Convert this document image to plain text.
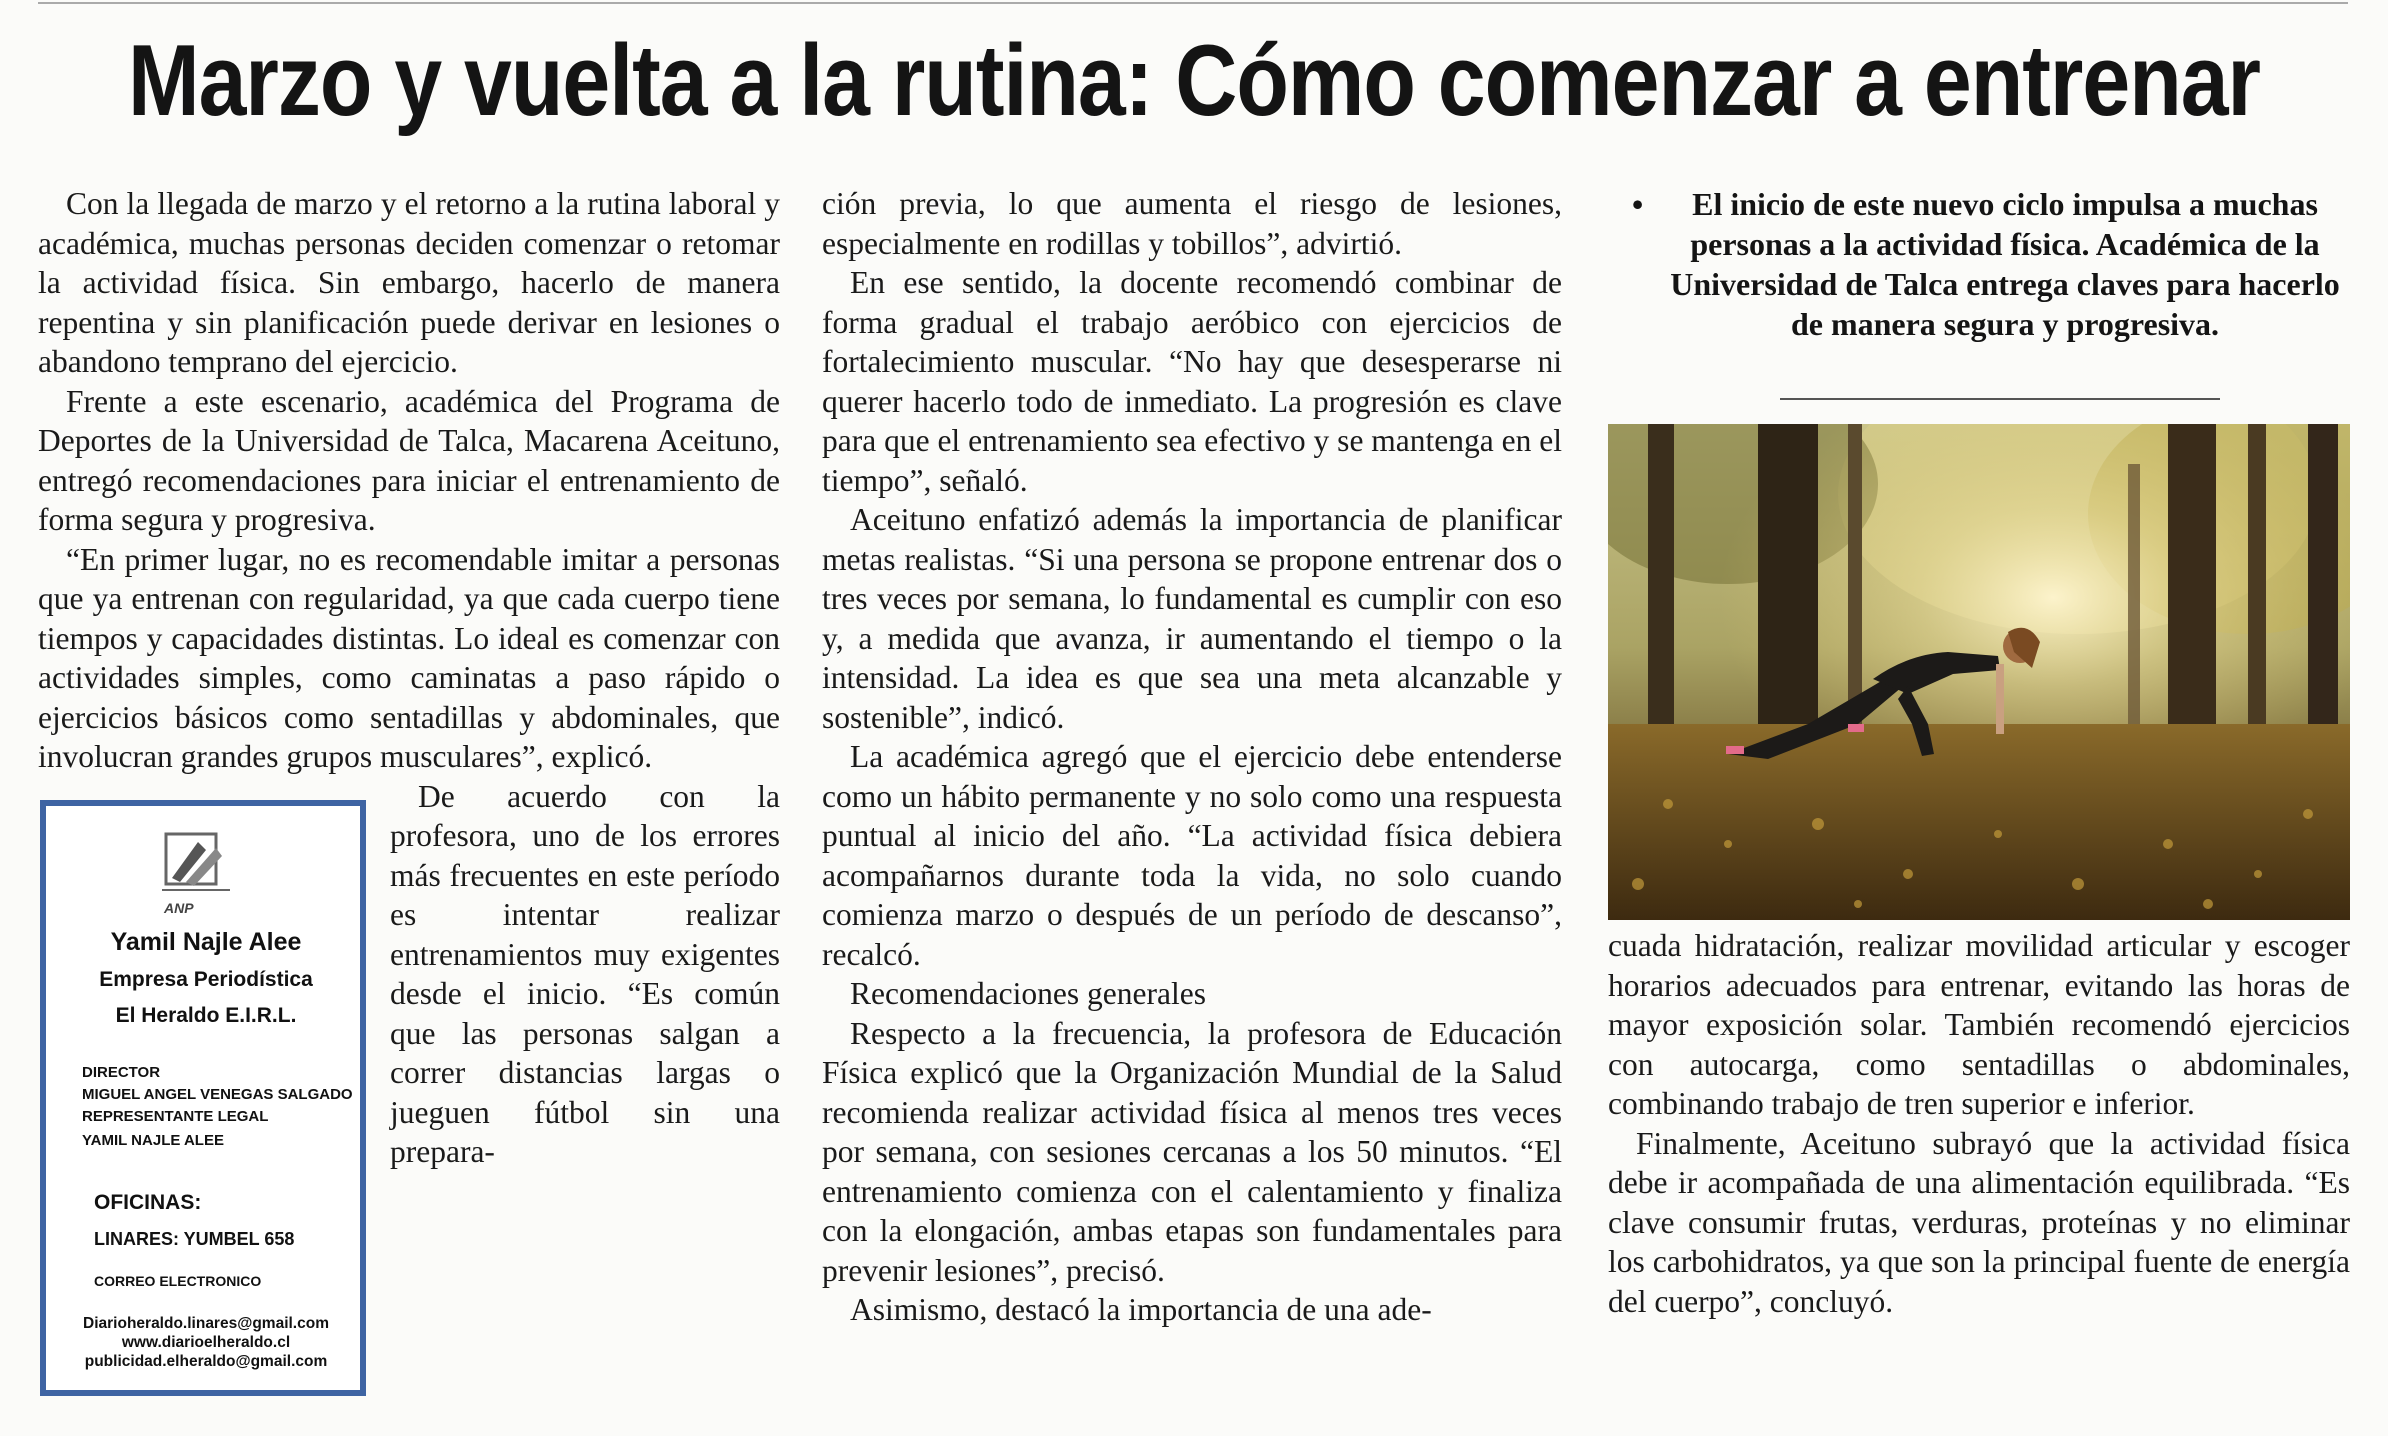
Marzo y vuelta a la rutina: Cómo comenzar a entrenar

Con la llegada de marzo y el retorno a la rutina laboral y académica, muchas personas deciden comenzar o retomar la actividad física. Sin embargo, hacerlo de manera repentina y sin planificación puede derivar en lesiones o abandono temprano del ejercicio.

Frente a este escenario, académica del Programa de Deportes de la Universidad de Talca, Macarena Aceituno, entregó recomendaciones para iniciar el entrenamiento de forma segura y progresiva.

“En primer lugar, no es recomendable imitar a personas que ya entrenan con regularidad, ya que cada cuerpo tiene tiempos y capacidades distintas. Lo ideal es comenzar con actividades simples, como caminatas a paso rápido o ejercicios básicos como sentadillas y abdominales, que involucran grandes grupos musculares”, explicó.

De acuerdo con la profesora, uno de los errores más frecuentes en este período es intentar realizar entrenamientos muy exigentes desde el inicio. “Es común que las personas salgan a correr distancias largas o jueguen fútbol sin una prepara-

ANP
Yamil Najle Alee
Empresa Periodística
El Heraldo E.I.R.L.
DIRECTOR
MIGUEL ANGEL VENEGAS SALGADO
REPRESENTANTE LEGAL
YAMIL NAJLE ALEE
OFICINAS:
LINARES: YUMBEL 658
CORREO ELECTRONICO
Diarioheraldo.linares@gmail.com
www.diarioelheraldo.cl
publicidad.elheraldo@gmail.com

ción previa, lo que aumenta el riesgo de lesiones, especialmente en rodillas y tobillos”, advirtió.

En ese sentido, la docente recomendó combinar de forma gradual el trabajo aeróbico con ejercicios de fortalecimiento muscular. “No hay que desesperarse ni querer hacerlo todo de inmediato. La progresión es clave para que el entrenamiento sea efectivo y se mantenga en el tiempo”, señaló.

Aceituno enfatizó además la importancia de planificar metas realistas. “Si una persona se propone entrenar dos o tres veces por semana, lo fundamental es cumplir con eso y, a medida que avanza, ir aumentando el tiempo o la intensidad. La idea es que sea una meta alcanzable y sostenible”, indicó.

La académica agregó que el ejercicio debe entenderse como un hábito permanente y no solo como una respuesta puntual al inicio del año. “La actividad física debiera acompañarnos durante toda la vida, no solo cuando comienza marzo o después de un período de descanso”, recalcó.

Recomendaciones generales

Respecto a la frecuencia, la profesora de Educación Física explicó que la Organización Mundial de la Salud recomienda realizar actividad física al menos tres veces por semana, con sesiones cercanas a los 50 minutos. “El entrenamiento comienza con el calentamiento y finaliza con la elongación, ambas etapas son fundamentales para prevenir lesiones”, precisó.

Asimismo, destacó la importancia de una ade-

•	El inicio de este nuevo ciclo impulsa a muchas personas a la actividad física. Académica de la Universidad de Talca entrega claves para hacerlo de manera segura y progresiva.

cuada hidratación, realizar movilidad articular y escoger horarios adecuados para entrenar, evitando las horas de mayor exposición solar. También recomendó ejercicios con autocarga, como sentadillas o abdominales, combinando trabajo de tren superior e inferior.

Finalmente, Aceituno subrayó que la actividad física debe ir acompañada de una alimentación equilibrada. “Es clave consumir frutas, verduras, proteínas y no eliminar los carbohidratos, ya que son la principal fuente de energía del cuerpo”, concluyó.
